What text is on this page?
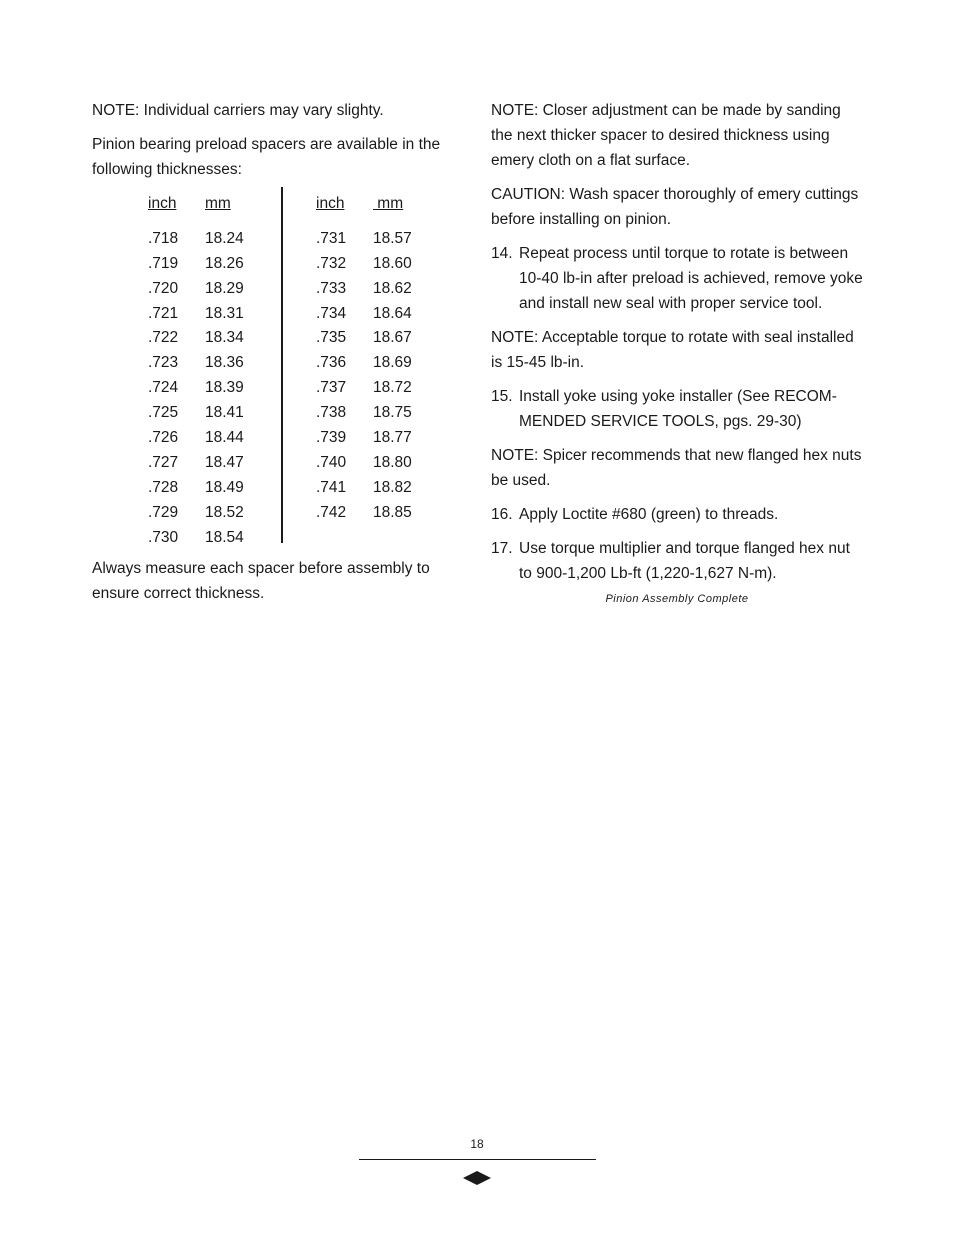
NOTE: Individual carriers may vary slighty.

Pinion bearing preload spacers are available in the following thicknesses:

inch mm
.718 18.24
.719 18.26
.720 18.29
.721 18.31
.722 18.34
.723 18.36
.724 18.39
.725 18.41
.726 18.44
.727 18.47
.728 18.49
.729 18.52
.730 18.54
inch mm
.731 18.57
.732 18.60
.733 18.62
.734 18.64
.735 18.67
.736 18.69
.737 18.72
.738 18.75
.739 18.77
.740 18.80
.741 18.82
.742 18.85

Always measure each spacer before assembly to ensure correct thickness.

NOTE: Closer adjustment can be made by sanding the next thicker spacer to desired thickness using emery cloth on a flat surface.

CAUTION: Wash spacer thoroughly of emery cuttings before installing on pinion.

14. Repeat process until torque to rotate is between 10-40 lb-in after preload is achieved, remove yoke and install new seal with proper service tool.

NOTE: Acceptable torque to rotate with seal installed is 15-45 lb-in.

15. Install yoke using yoke installer (See RECOM-MENDED SERVICE TOOLS, pgs. 29-30)

NOTE: Spicer recommends that new flanged hex nuts be used.

16. Apply Loctite #680 (green) to threads.
17. Use torque multiplier and torque flanged hex nut to 900-1,200 Lb-ft (1,220-1,627 N-m).
Pinion Assembly Complete
18
